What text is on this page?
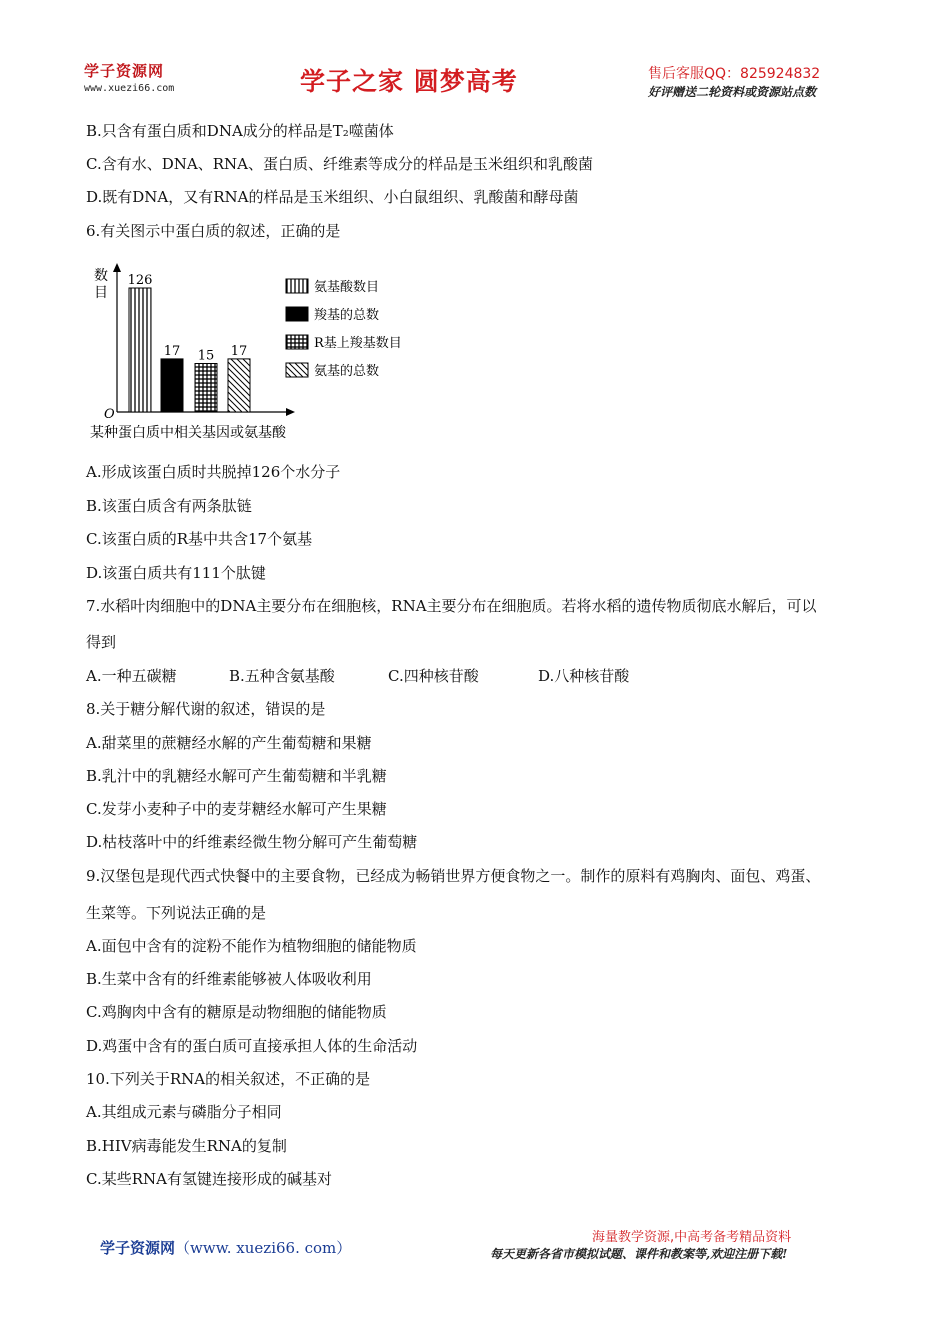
学子资源网
www.xuezi66.com	学子之家 圆梦高考	售后客服QQ：825924832
好评赠送二轮资料或资源站点数
B.只含有蛋白质和DNA成分的样品是T₂噬菌体
C.含有水、DNA、RNA、蛋白质、纤维素等成分的样品是玉米组织和乳酸菌
D.既有DNA，又有RNA的样品是玉米组织、小白鼠组织、乳酸菌和酵母菌
6.有关图示中蛋白质的叙述，正确的是
数
目
O
某种蛋白质中相关基因或氨基酸
126
17 15 17
氨基酸数目
羧基的总数
R基上羧基数目
氨基的总数
A.形成该蛋白质时共脱掉126个水分子
B.该蛋白质含有两条肽链
C.该蛋白质的R基中共含17个氨基
D.该蛋白质共有111个肽键
7.水稻叶肉细胞中的DNA主要分布在细胞核，RNA主要分布在细胞质。若将水稻的遗传物质彻底水解后，可以
得到
A.一种五碳糖	B.五种含氨基酸	C.四种核苷酸	D.八种核苷酸
8.关于糖分解代谢的叙述，错误的是
A.甜菜里的蔗糖经水解的产生葡萄糖和果糖
B.乳汁中的乳糖经水解可产生葡萄糖和半乳糖
C.发芽小麦种子中的麦芽糖经水解可产生果糖
D.枯枝落叶中的纤维素经微生物分解可产生葡萄糖
9.汉堡包是现代西式快餐中的主要食物，已经成为畅销世界方便食物之一。制作的原料有鸡胸肉、面包、鸡蛋、
生菜等。下列说法正确的是
A.面包中含有的淀粉不能作为植物细胞的储能物质
B.生菜中含有的纤维素能够被人体吸收利用
C.鸡胸肉中含有的糖原是动物细胞的储能物质
D.鸡蛋中含有的蛋白质可直接承担人体的生命活动
10.下列关于RNA的相关叙述，不正确的是
A.其组成元素与磷脂分子相同
B.HIV病毒能发生RNA的复制
C.某些RNA有氢键连接形成的碱基对
学子资源网（www. xuezi66. com）
海量教学资源,中高考备考精品资料
每天更新各省市模拟试题、课件和教案等,欢迎注册下载!
